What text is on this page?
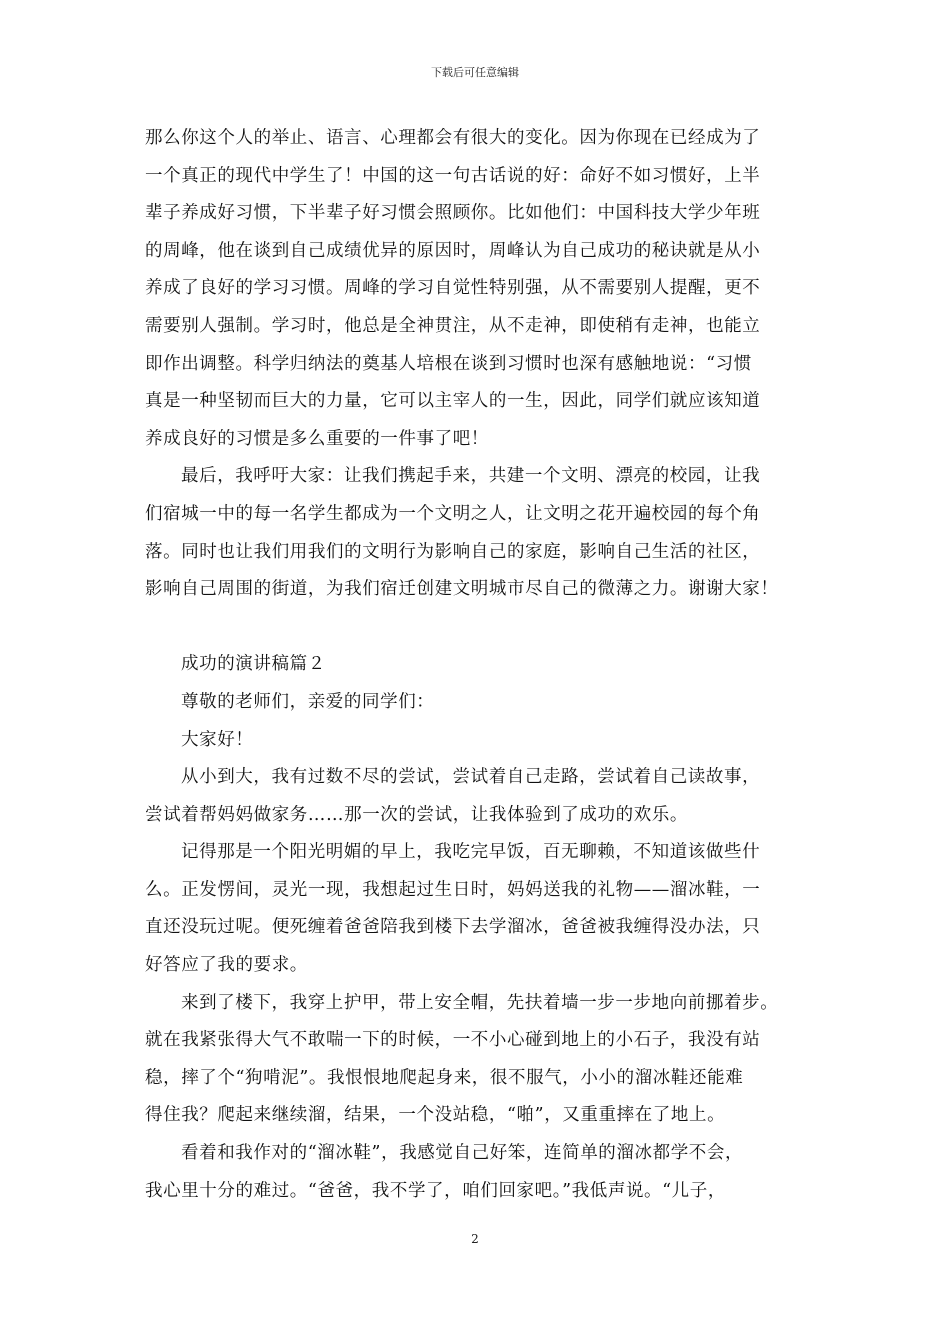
下载后可任意编辑
那么你这个人的举止、语言、心理都会有很大的变化。因为你现在已经成为了
一个真正的现代中学生了！中国的这一句古话说的好：命好不如习惯好，上半
辈子养成好习惯，下半辈子好习惯会照顾你。比如他们：中国科技大学少年班
的周峰，他在谈到自己成绩优异的原因时，周峰认为自己成功的秘诀就是从小
养成了良好的学习习惯。周峰的学习自觉性特别强，从不需要别人提醒，更不
需要别人强制。学习时，他总是全神贯注，从不走神，即使稍有走神，也能立
即作出调整。科学归纳法的奠基人培根在谈到习惯时也深有感触地说：“习惯
真是一种坚韧而巨大的力量，它可以主宰人的一生，因此，同学们就应该知道
养成良好的习惯是多么重要的一件事了吧！
最后，我呼吁大家：让我们携起手来，共建一个文明、漂亮的校园，让我
们宿城一中的每一名学生都成为一个文明之人，让文明之花开遍校园的每个角
落。同时也让我们用我们的文明行为影响自己的家庭，影响自己生活的社区，
影响自己周围的街道，为我们宿迁创建文明城市尽自己的微薄之力。谢谢大家！
成功的演讲稿篇２
尊敬的老师们，亲爱的同学们：
大家好！
从小到大，我有过数不尽的尝试，尝试着自己走路，尝试着自己读故事，
尝试着帮妈妈做家务……那一次的尝试，让我体验到了成功的欢乐。
记得那是一个阳光明媚的早上，我吃完早饭，百无聊赖，不知道该做些什
么。正发愣间，灵光一现，我想起过生日时，妈妈送我的礼物——溜冰鞋，一
直还没玩过呢。便死缠着爸爸陪我到楼下去学溜冰，爸爸被我缠得没办法，只
好答应了我的要求。
来到了楼下，我穿上护甲，带上安全帽，先扶着墙一步一步地向前挪着步。
就在我紧张得大气不敢喘一下的时候，一不小心碰到地上的小石子，我没有站
稳，摔了个“狗啃泥”。我恨恨地爬起身来，很不服气，小小的溜冰鞋还能难
得住我？爬起来继续溜，结果，一个没站稳，“啪”，又重重摔在了地上。
看着和我作对的“溜冰鞋”，我感觉自己好笨，连简单的溜冰都学不会，
我心里十分的难过。“爸爸，我不学了，咱们回家吧。”我低声说。“儿子，
2
